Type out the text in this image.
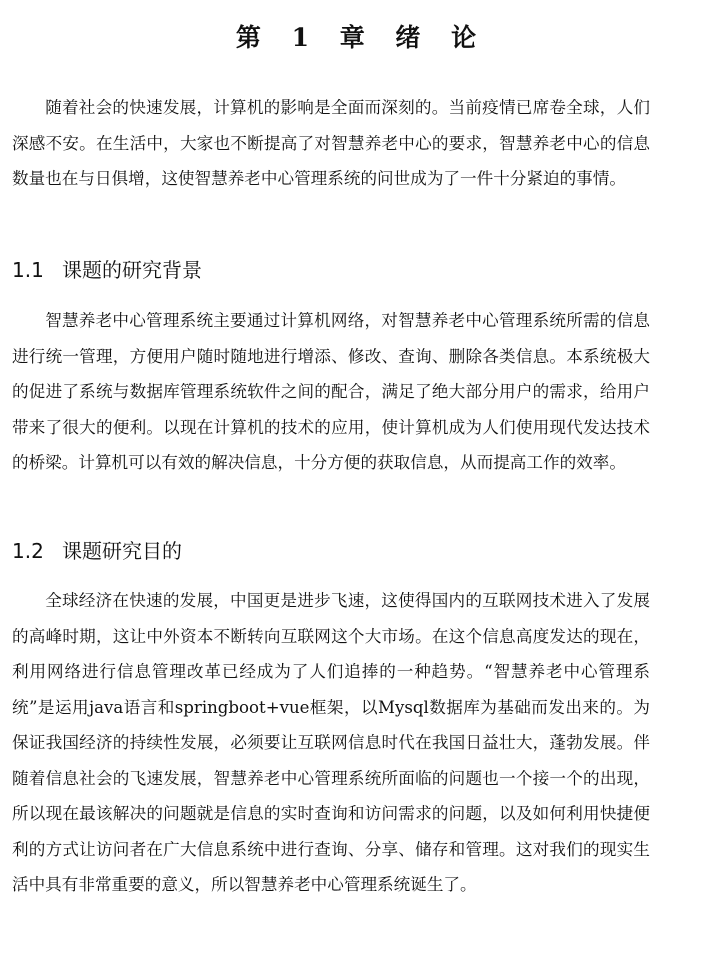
第 1 章 绪 论

随着社会的快速发展，计算机的影响是全面而深刻的。当前疫情已席卷全球，人们深感不安。在生活中，大家也不断提高了对智慧养老中心的要求，智慧养老中心的信息数量也在与日俱增，这使智慧养老中心管理系统的问世成为了一件十分紧迫的事情。

1.1 课题的研究背景

智慧养老中心管理系统主要通过计算机网络，对智慧养老中心管理系统所需的信息进行统一管理，方便用户随时随地进行增添、修改、查询、删除各类信息。本系统极大的促进了系统与数据库管理系统软件之间的配合，满足了绝大部分用户的需求，给用户带来了很大的便利。以现在计算机的技术的应用，使计算机成为人们使用现代发达技术的桥梁。计算机可以有效的解决信息，十分方便的获取信息，从而提高工作的效率。

1.2 课题研究目的

全球经济在快速的发展，中国更是进步飞速，这使得国内的互联网技术进入了发展的高峰时期，这让中外资本不断转向互联网这个大市场。在这个信息高度发达的现在，利用网络进行信息管理改革已经成为了人们追捧的一种趋势。“智慧养老中心管理系统”是运用java语言和springboot+vue框架，以Mysql数据库为基础而发出来的。为保证我国经济的持续性发展，必须要让互联网信息时代在我国日益壮大，蓬勃发展。伴随着信息社会的飞速发展，智慧养老中心管理系统所面临的问题也一个接一个的出现，所以现在最该解决的问题就是信息的实时查询和访问需求的问题，以及如何利用快捷便利的方式让访问者在广大信息系统中进行查询、分享、储存和管理。这对我们的现实生活中具有非常重要的意义，所以智慧养老中心管理系统诞生了。
